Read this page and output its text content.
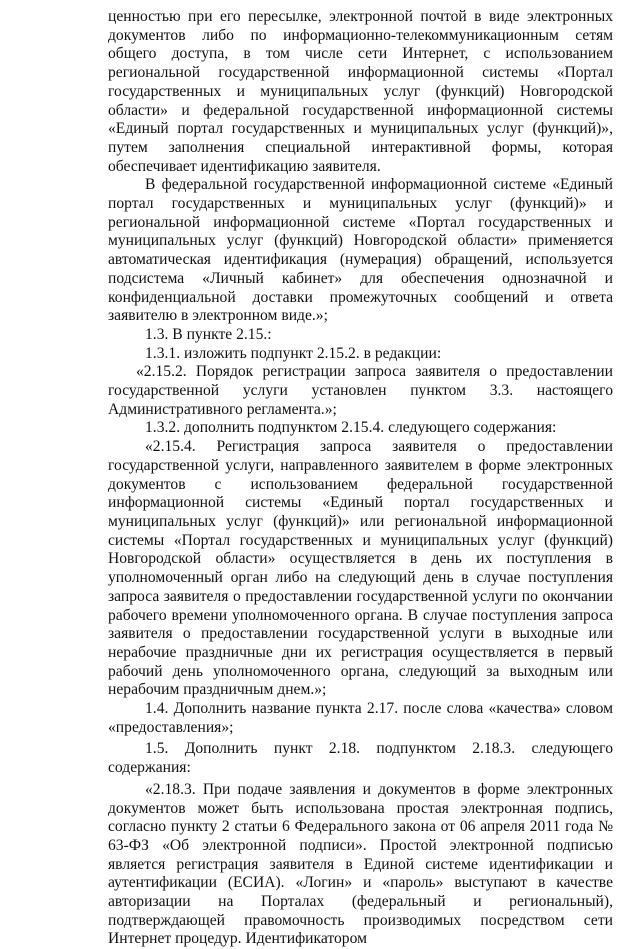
ценностью при его пересылке, электронной почтой в виде электронных документов либо по информационно-телекоммуникационным сетям общего доступа, в том числе сети Интернет, с использованием региональной государственной информационной системы «Портал государственных и муниципальных услуг (функций) Новгородской области» и федеральной государственной информационной системы «Единый портал государственных и муниципальных услуг (функций)», путем заполнения специальной интерактивной формы, которая обеспечивает идентификацию заявителя.

В федеральной государственной информационной системе «Единый портал государственных и муниципальных услуг (функций)» и региональной информационной системе «Портал государственных и муниципальных услуг (функций) Новгородской области» применяется автоматическая идентификация (нумерация) обращений, используется подсистема «Личный кабинет» для обеспечения однозначной и конфиденциальной доставки промежуточных сообщений и ответа заявителю в электронном виде.»;

1.3. В пункте 2.15.:

1.3.1. изложить подпункт 2.15.2. в редакции:

«2.15.2. Порядок регистрации запроса заявителя о предоставлении государственной услуги установлен пунктом 3.3. настоящего Административного регламента.»;

1.3.2. дополнить подпунктом 2.15.4. следующего содержания:

«2.15.4. Регистрация запроса заявителя о предоставлении государственной услуги, направленного заявителем в форме электронных документов с использованием федеральной государственной информационной системы «Единый портал государственных и муниципальных услуг (функций)» или региональной информационной системы «Портал государственных и муниципальных услуг (функций) Новгородской области» осуществляется в день их поступления в уполномоченный орган либо на следующий день в случае поступления запроса заявителя о предоставлении государственной услуги по окончании рабочего времени уполномоченного органа. В случае поступления запроса заявителя о предоставлении государственной услуги в выходные или нерабочие праздничные дни их регистрация осуществляется в первый рабочий день уполномоченного органа, следующий за выходным или нерабочим праздничным днем.»;

1.4. Дополнить название пункта 2.17. после слова «качества» словом «предоставления»;

1.5. Дополнить пункт 2.18. подпунктом 2.18.3. следующего содержания:

«2.18.3. При подаче заявления и документов в форме электронных документов может быть использована простая электронная подпись, согласно пункту 2 статьи 6 Федерального закона от 06 апреля 2011 года № 63-ФЗ «Об электронной подписи». Простой электронной подписью является регистрация заявителя в Единой системе идентификации и аутентификации (ЕСИА). «Логин» и «пароль» выступают в качестве авторизации на Порталах (федеральный и региональный), подтверждающей правомочность производимых посредством сети Интернет процедур. Идентификатором
